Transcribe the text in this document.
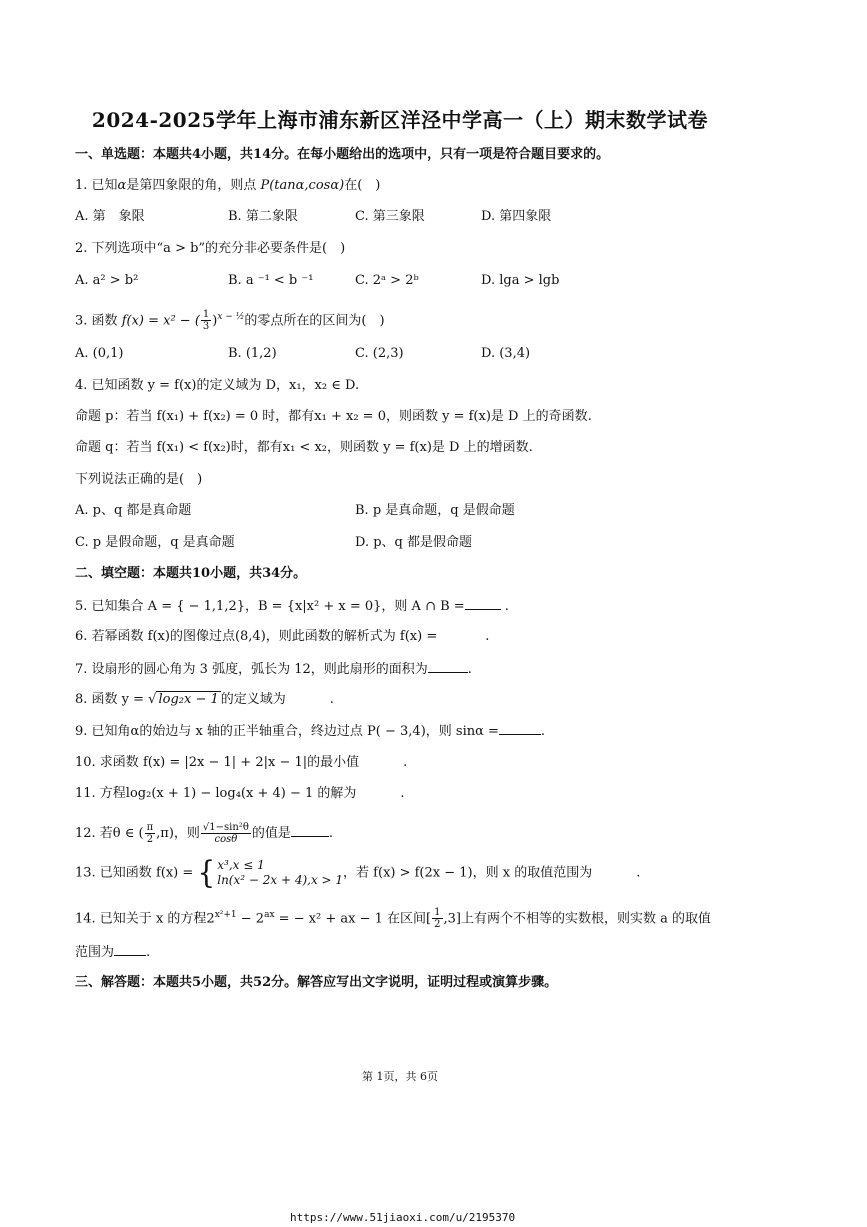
2024-2025学年上海市浦东新区洋泾中学高一（上）期末数学试卷
一、单选题：本题共4小题，共14分。在每小题给出的选项中，只有一项是符合题目要求的。
1. 已知α是第四象限的角，则点 P(tanα,cosα)在(　)
A. 第　象限	B. 第二象限	C. 第三象限	D. 第四象限
2. 下列选项中“a > b”的充分非必要条件是(　)
A. a² > b²	B. a ⁻¹ < b ⁻¹	C. 2ᵃ > 2ᵇ	D. lga > lgb
3. 函数 f(x) = x² − ( $\frac{1}{3} )^{x - \frac{1}{2}}$的零点所在的区间为(　)
A. (0,1)	B. (1,2)	C. (2,3)	D. (3,4)
4. 已知函数 y = f(x)的定义域为 D，x₁，x₂ ∈ D.
命题 p：若当 f(x₁) + f(x₂) = 0 时，都有x₁ + x₂ = 0，则函数 y = f(x)是 D 上的奇函数.
命题 q：若当 f(x₁) < f(x₂)时，都有x₁ < x₂，则函数 y = f(x)是 D 上的增函数.
下列说法正确的是(　)
A. p、q 都是真命题	B. p 是真命题，q 是假命题
C. p 是假命题，q 是真命题	D. p、q 都是假命题
二、填空题：本题共10小题，共34分。
5. 已知集合 A = { − 1,1,2}，B = {x|x² + x = 0}，则 A ∩ B =	.
6. 若幂函数 f(x)的图像过点(8,4)，则此函数的解析式为 f(x) =	.
7. 设扇形的圆心角为 3 弧度，弧长为 12，则此扇形的面积为	.
8. 函数 y = √ log₂x − 1 的定义域为	.
9. 已知角α的始边与 x 轴的正半轴重合，终边过点 P( − 3,4)，则 sinα =	.
10. 求函数 f(x) = |2x − 1| + 2|x − 1|的最小值	.
11. 方程log₂(x + 1) − log₄(x + 4) − 1 的解为	.
12. 若θ ∈ ( $\frac{\pi}{2} ,\pi$)，则 $\frac{\text{√1−sin²θ}}{\cos\theta}$ 的值是	.
13. 已知函数 f(x) = { x³,x ≤ 1
ln(x² − 2x + 4),x > 1 ，若 f(x) > f(2x − 1)，则 x 的取值范围为	.
14. 已知关于 x 的方程$2^{x^2+1} - 2^{ax}$ = − x² + ax − 1 在区间[ $\frac{1}{2} ,3$]上有两个不相等的实数根，则实数 a 的取值
范围为 .
三、解答题：本题共5小题，共52分。解答应写出文字说明，证明过程或演算步骤。
第 1页，共 6页
https://www.51jiaoxi.com/u/2195370
